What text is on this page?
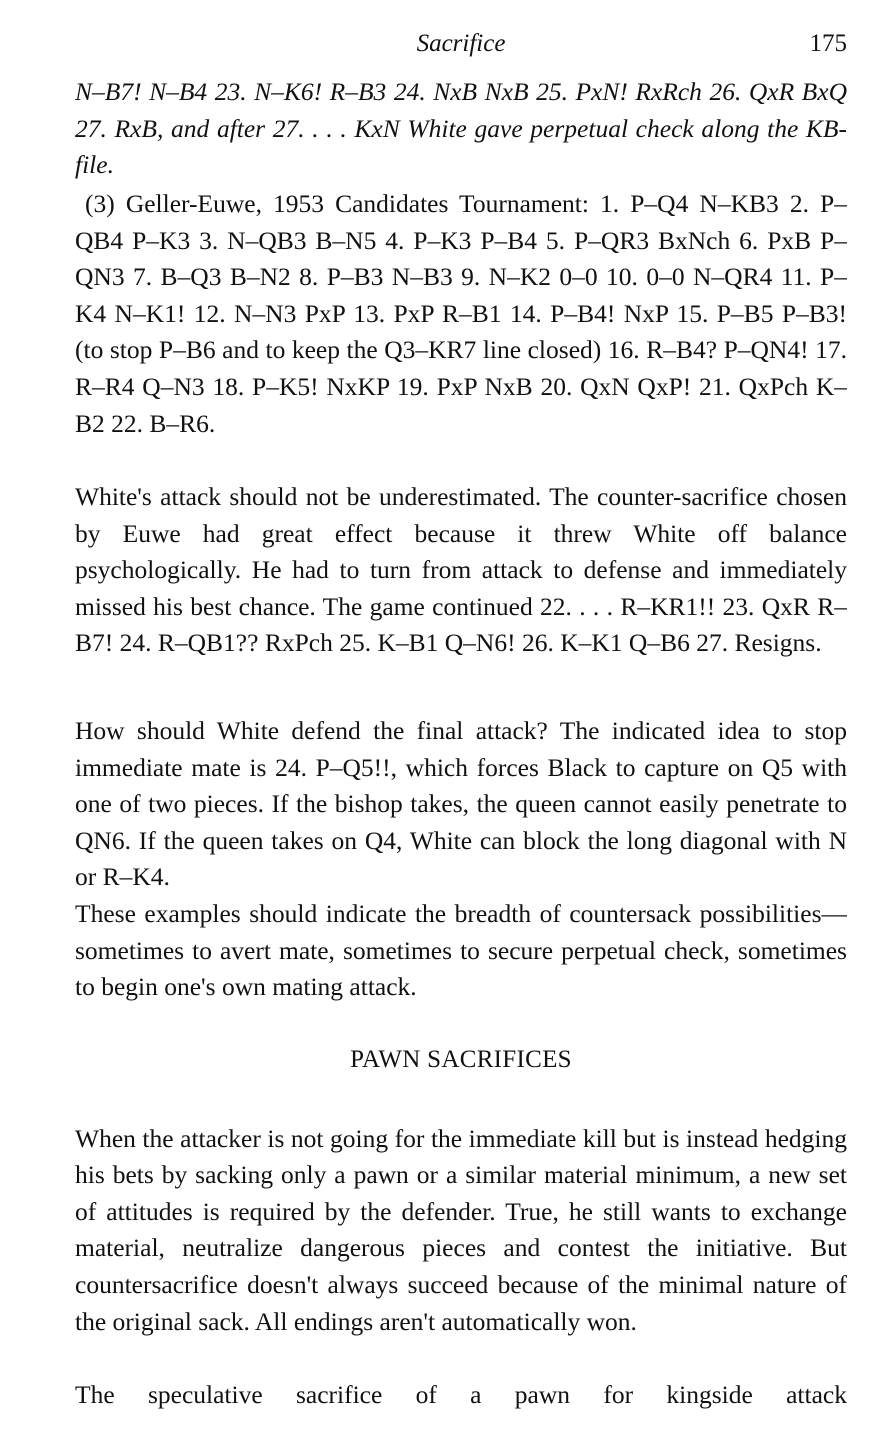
Sacrifice	175

N–B7! N–B4 23. N–K6! R–B3 24. NxB NxB 25. PxN! RxRch 26. QxR BxQ 27. RxB, and after 27. . . . KxN White gave perpetual check along the KB-file.

(3) Geller-Euwe, 1953 Candidates Tournament: 1. P–Q4 N–KB3 2. P–QB4 P–K3 3. N–QB3 B–N5 4. P–K3 P–B4 5. P–QR3 BxNch 6. PxB P–QN3 7. B–Q3 B–N2 8. P–B3 N–B3 9. N–K2 0–0 10. 0–0 N–QR4 11. P–K4 N–K1! 12. N–N3 PxP 13. PxP R–B1 14. P–B4! NxP 15. P–B5 P–B3! (to stop P–B6 and to keep the Q3–KR7 line closed) 16. R–B4? P–QN4! 17. R–R4 Q–N3 18. P–K5! NxKP 19. PxP NxB 20. QxN QxP! 21. QxPch K–B2 22. B–R6.

White's attack should not be underestimated. The counter-sacrifice chosen by Euwe had great effect because it threw White off balance psychologically. He had to turn from attack to defense and immediately missed his best chance. The game continued 22. . . . R–KR1!! 23. QxR R–B7! 24. R–QB1?? RxPch 25. K–B1 Q–N6! 26. K–K1 Q–B6 27. Resigns.

How should White defend the final attack? The indicated idea to stop immediate mate is 24. P–Q5!!, which forces Black to capture on Q5 with one of two pieces. If the bishop takes, the queen cannot easily penetrate to QN6. If the queen takes on Q4, White can block the long diagonal with N or R–K4.

These examples should indicate the breadth of countersack possibilities—sometimes to avert mate, sometimes to secure perpetual check, sometimes to begin one's own mating attack.

PAWN SACRIFICES

When the attacker is not going for the immediate kill but is instead hedging his bets by sacking only a pawn or a similar material minimum, a new set of attitudes is required by the defender. True, he still wants to exchange material, neutralize dangerous pieces and contest the initiative. But countersacrifice doesn't always succeed because of the minimal nature of the original sack. All endings aren't automatically won.

The speculative sacrifice of a pawn for kingside attack
